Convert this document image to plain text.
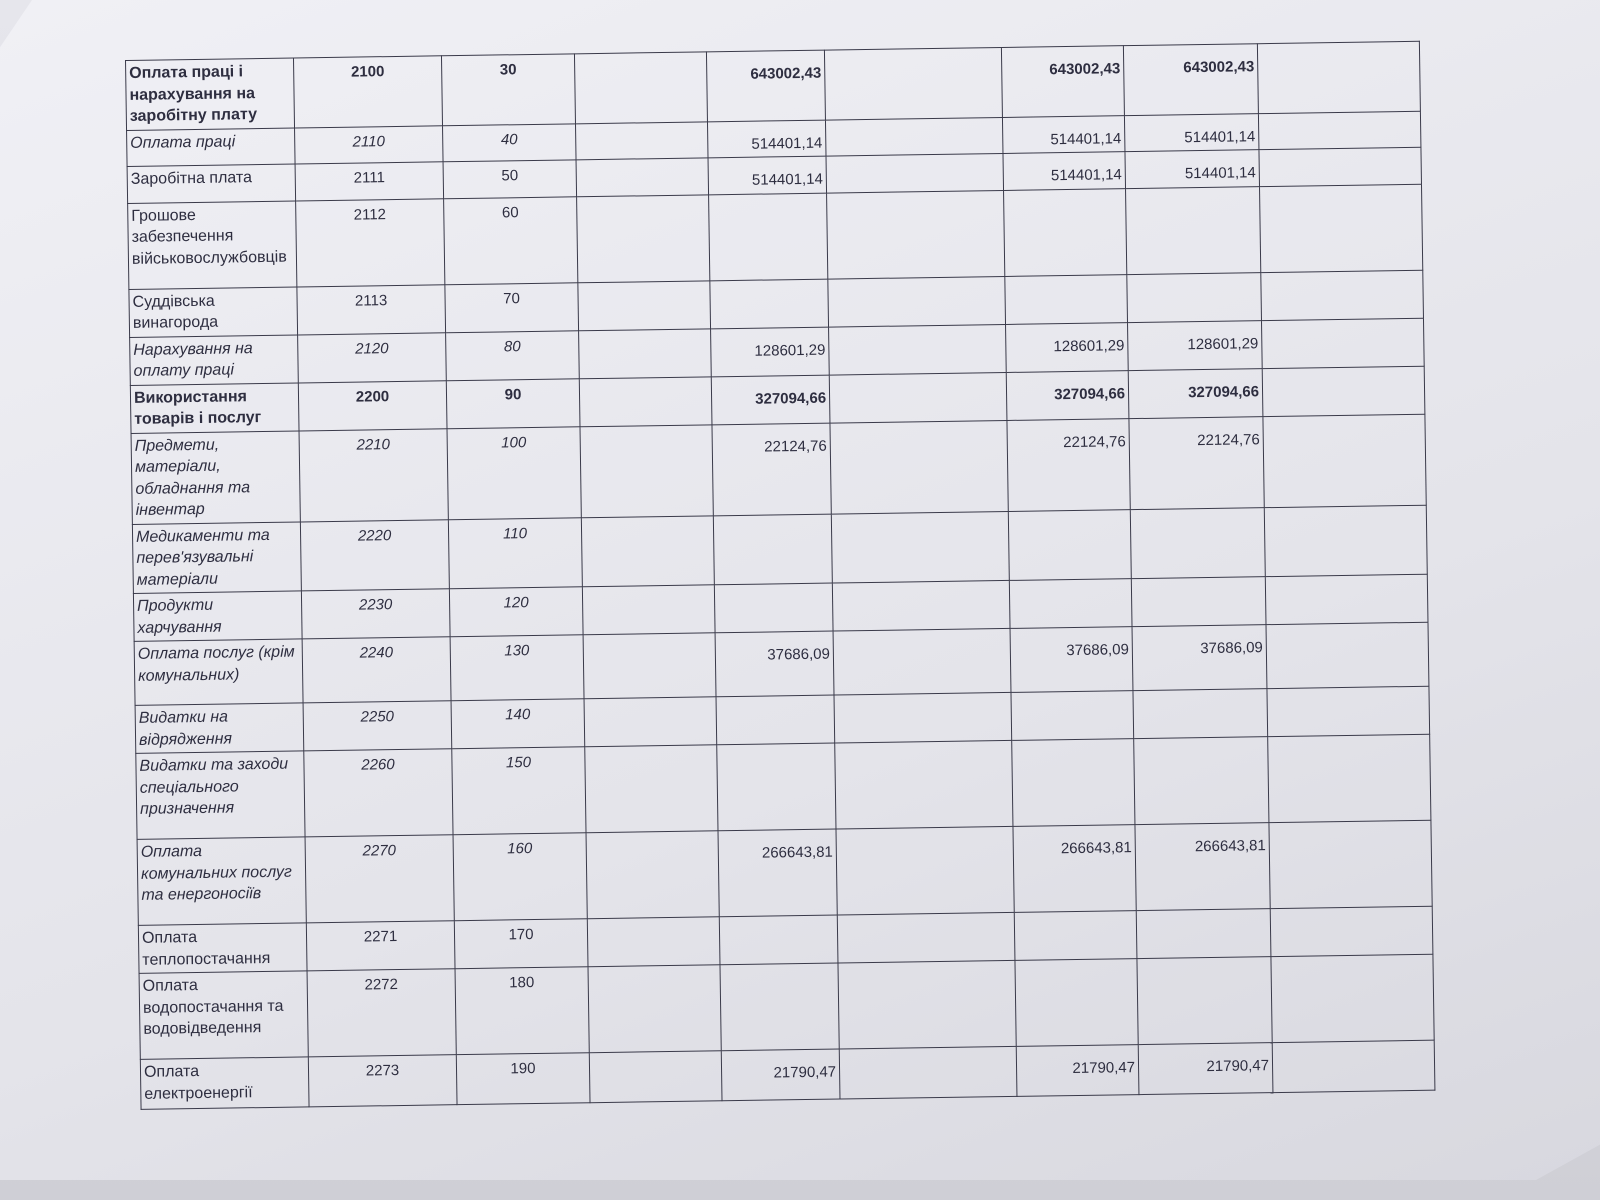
Оплата праці і нарахування на заробітну плату	2100	30		643002,43		643002,43	643002,43	
Оплата праці	2110	40		514401,14		514401,14	514401,14	
Заробітна плата	2111	50		514401,14		514401,14	514401,14	
Грошове забезпечення військовослужбовців	2112	60						
Суддівська винагорода	2113	70						
Нарахування на оплату праці	2120	80		128601,29		128601,29	128601,29	
Використання товарів і послуг	2200	90		327094,66		327094,66	327094,66	
Предмети, матеріали, обладнання та інвентар	2210	100		22124,76		22124,76	22124,76	
Медикаменти та перев'язувальні матеріали	2220	110						
Продукти харчування	2230	120						
Оплата послуг (крім комунальних)	2240	130		37686,09		37686,09	37686,09	
Видатки на відрядження	2250	140						
Видатки та заходи спеціального призначення	2260	150						
Оплата комунальних послуг та енергоносіїв	2270	160		266643,81		266643,81	266643,81	
Оплата теплопостачання	2271	170						
Оплата водопостачання та водовідведення	2272	180						
Оплата електроенергії	2273	190		21790,47		21790,47	21790,47	
